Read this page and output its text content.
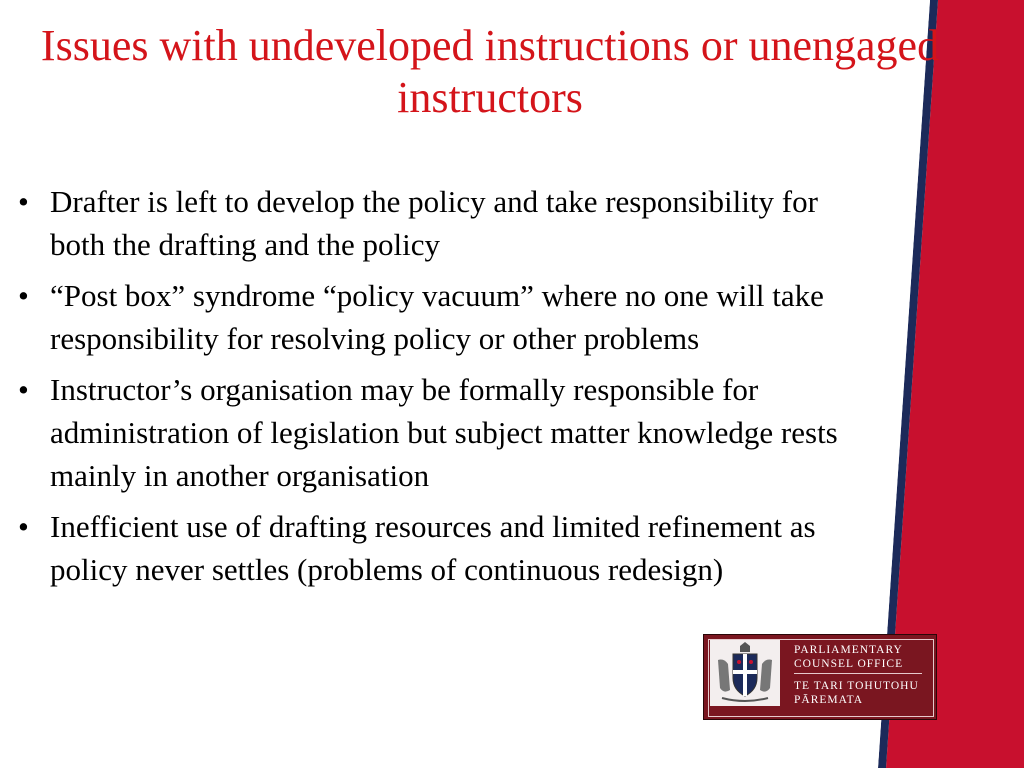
Issues with undeveloped instructions or unengaged instructors
• Drafter is left to develop the policy and take responsibility for both the drafting and the policy
• “Post box” syndrome “policy vacuum” where no one will take responsibility for resolving policy or other problems
• Instructor’s organisation may be formally responsible for administration of legislation but subject matter knowledge rests mainly in another organisation
• Inefficient use of drafting resources and limited refinement as policy never settles (problems of continuous redesign)
PARLIAMENTARY
COUNSEL OFFICE
TE TARI TOHUTOHU
PĀREMATA
